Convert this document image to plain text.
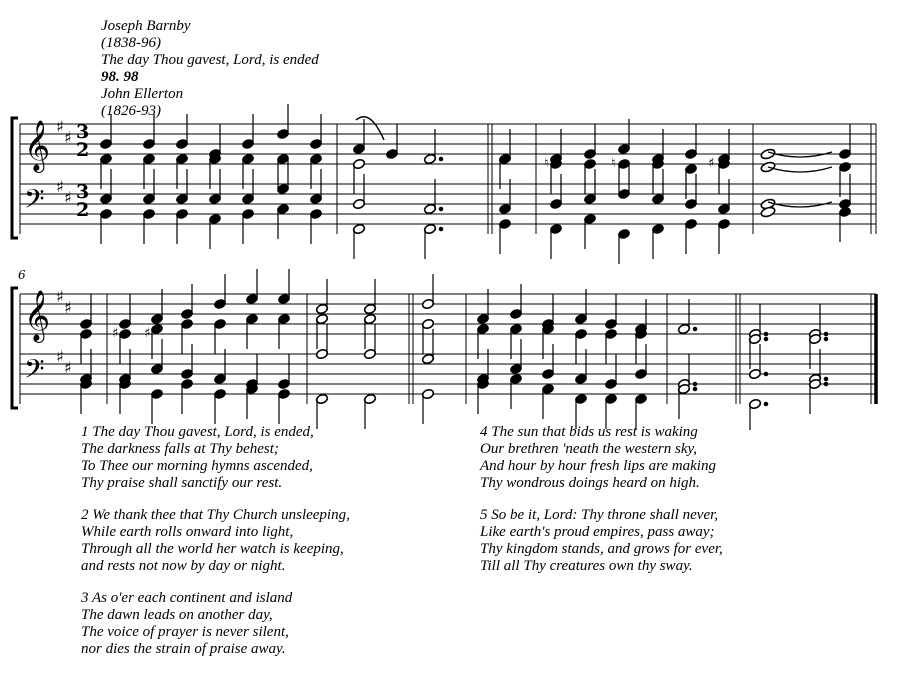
Joseph Barnby
(1838-96)
The day Thou gavest, Lord, is ended
98. 98
John Ellerton
(1826-93)
𝄞
𝄢
𝄞
𝄢
♯
♯
♯
♯
♯
♯
♯
♯
3
2
3
2
6
♮	♮	♯
♯
♯
1 The day Thou gavest, Lord, is ended,
The darkness falls at Thy behest;
To Thee our morning hymns ascended,
Thy praise shall sanctify our rest.
2 We thank thee that Thy Church unsleeping,
While earth rolls onward into light,
Through all the world her watch is keeping,
and rests not now by day or night.
3 As o'er each continent and island
The dawn leads on another day,
The voice of prayer is never silent,
nor dies the strain of praise away.
4 The sun that bids us rest is waking
Our brethren 'neath the western sky,
And hour by hour fresh lips are making
Thy wondrous doings heard on high.
5 So be it, Lord: Thy throne shall never,
Like earth's proud empires, pass away;
Thy kingdom stands, and grows for ever,
Till all Thy creatures own thy sway.
